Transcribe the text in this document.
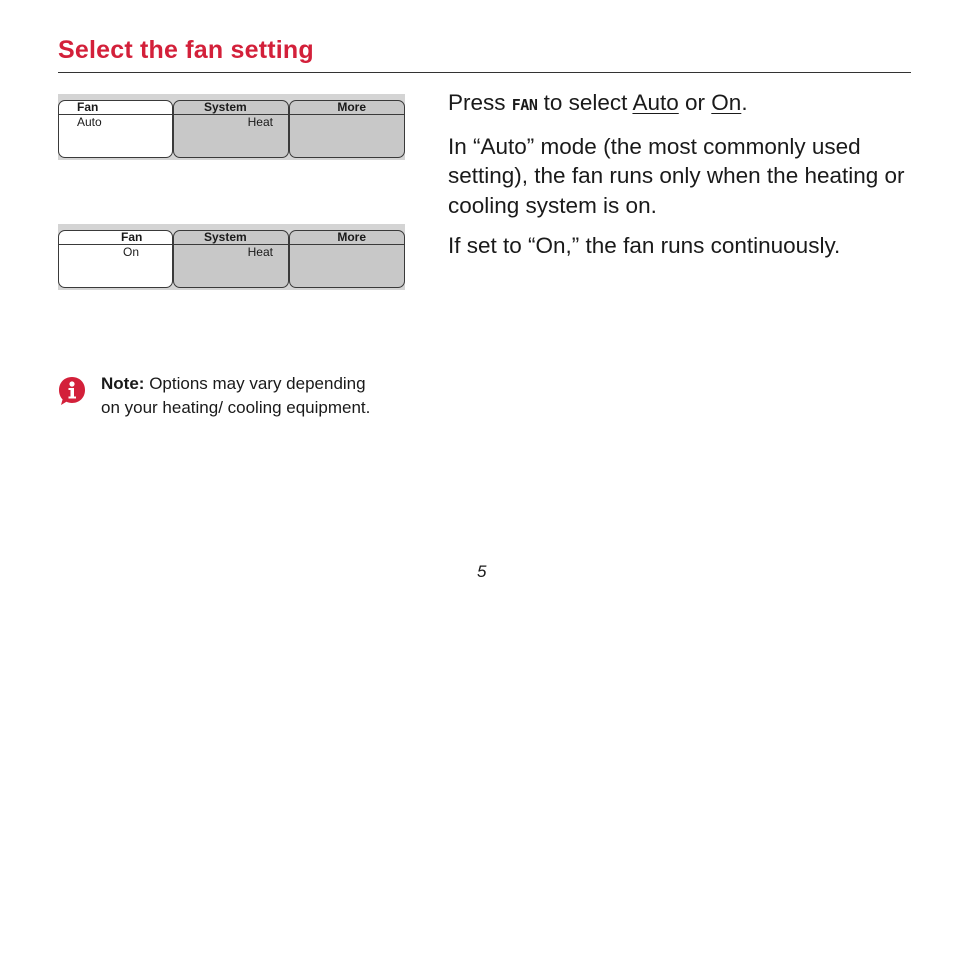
Select the fan setting
Fan
Auto
System
Heat
More
Fan
On
System
Heat
More

Press FAN to select Auto or On.

In “Auto” mode (the most commonly used setting), the fan runs only when the heating or cooling system is on.

If set to “On,” the fan runs continuously.

Note: Options may vary depending on your heating/ cooling equipment.
5
